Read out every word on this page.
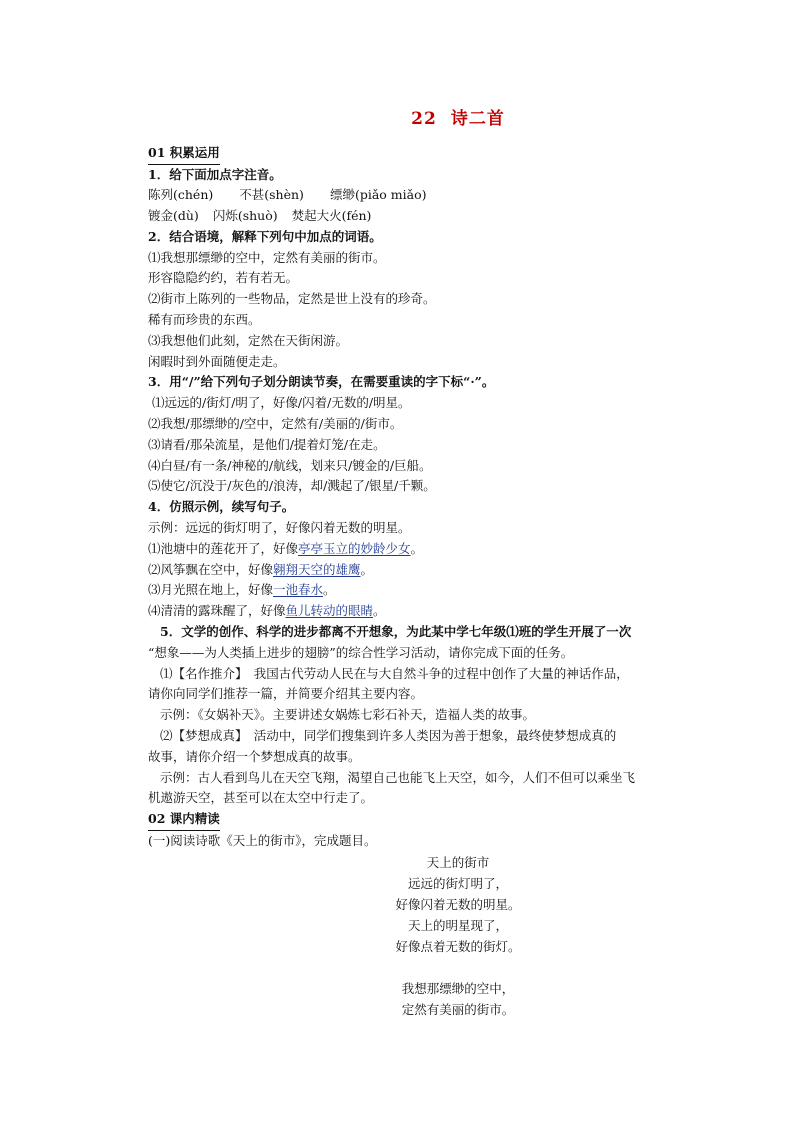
22 诗二首
01 积累运用

1．给下面加点字注音。

陈列(chén) 不甚(shèn) 缥缈(piǎo miǎo)

镀金(dù) 闪烁(shuò) 焚起大火(fén)

2．结合语境，解释下列句中加点的词语。

⑴我想那缥缈的空中，定然有美丽的街市。

形容隐隐约约，若有若无。

⑵街市上陈列的一些物品，定然是世上没有的珍奇。

稀有而珍贵的东西。

⑶我想他们此刻，定然在天街闲游。

闲暇时到外面随便走走。

3．用“/”给下列句子划分朗读节奏，在需要重读的字下标“·”。

⑴远远的/街灯/明了，好像/闪着/无数的/明星。

⑵我想/那缥缈的/空中，定然有/美丽的/街市。

⑶请看/那朵流星，是他们/提着灯笼/在走。

⑷白昼/有一条/神秘的/航线，划来只/镀金的/巨船。

⑸使它/沉没于/灰色的/浪涛，却/溅起了/银星/千颗。

4．仿照示例，续写句子。

示例：远远的街灯明了，好像闪着无数的明星。

⑴池塘中的莲花开了，好像亭亭玉立的妙龄少女。

⑵风筝飘在空中，好像翱翔天空的雄鹰。

⑶月光照在地上，好像一池春水。

⑷清清的露珠醒了，好像鱼儿转动的眼睛。

5．文学的创作、科学的进步都离不开想象，为此某中学七年级⑴班的学生开展了一次

“想象——为人类插上进步的翅膀”的综合性学习活动，请你完成下面的任务。

⑴【名作推介】　我国古代劳动人民在与大自然斗争的过程中创作了大量的神话作品，

请你向同学们推荐一篇，并简要介绍其主要内容。

示例：《女娲补天》。主要讲述女娲炼七彩石补天，造福人类的故事。

⑵【梦想成真】　活动中，同学们搜集到许多人类因为善于想象，最终使梦想成真的

故事，请你介绍一个梦想成真的故事。

示例：古人看到鸟儿在天空飞翔，渴望自己也能飞上天空，如今，人们不但可以乘坐飞

机遨游天空，甚至可以在太空中行走了。

02 课内精读

(一)阅读诗歌《天上的街市》，完成题目。

天上的街市

远远的街灯明了，

好像闪着无数的明星。

天上的明星现了，

好像点着无数的街灯。

我想那缥缈的空中，

定然有美丽的街市。
